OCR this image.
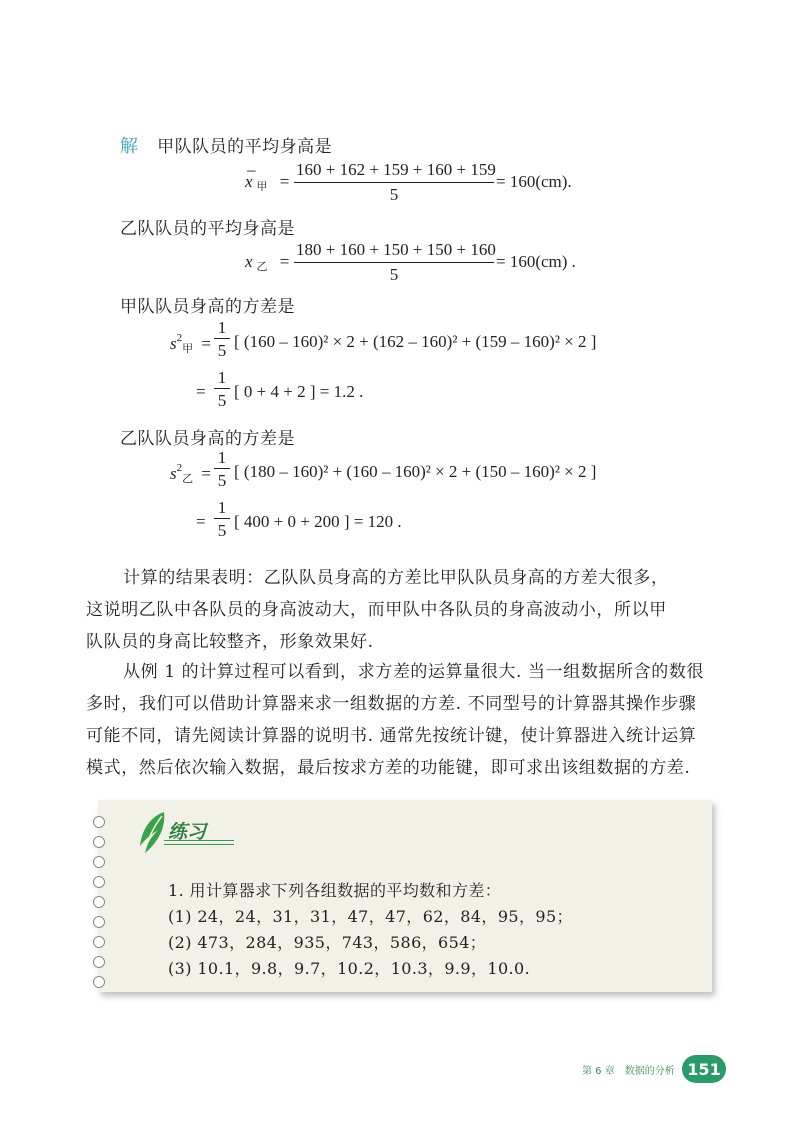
解 甲队队员的平均身高是
–
x $_甲$ =
160 + 162 + 159 + 160 + 159
5
= 160(cm).
乙队队员的平均身高是
x $_乙$ =
180 + 160 + 150 + 150 + 160
5
= 160(cm) .
甲队队员身高的方差是
$s^2_甲$ =
1
5 [ (160 – 160)² × 2 + (162 – 160)² + (159 – 160)² × 2 ]
=
1
5 [ 0 + 4 + 2 ] = 1.2 .
乙队队员身高的方差是
$s^2_乙$ =
1
5 [ (180 – 160)² + (160 – 160)² × 2 + (150 – 160)² × 2 ]
=
1
5 [ 400 + 0 + 200 ] = 120 .
计算的结果表明：乙队队员身高的方差比甲队队员身高的方差大很多，
这说明乙队中各队员的身高波动大，而甲队中各队员的身高波动小，所以甲
队队员的身高比较整齐，形象效果好.
从例 1 的计算过程可以看到，求方差的运算量很大. 当一组数据所含的数很
多时，我们可以借助计算器来求一组数据的方差. 不同型号的计算器其操作步骤
可能不同，请先阅读计算器的说明书. 通常先按统计键，使计算器进入统计运算
模式，然后依次输入数据，最后按求方差的功能键，即可求出该组数据的方差.
练习
1. 用计算器求下列各组数据的平均数和方差：
(1) 24，24，31，31，47，47，62，84，95，95；
(2) 473，284，935，743，586，654；
(3) 10.1，9.8，9.7，10.2，10.3，9.9，10.0.
第 6 章　数据的分析 151
